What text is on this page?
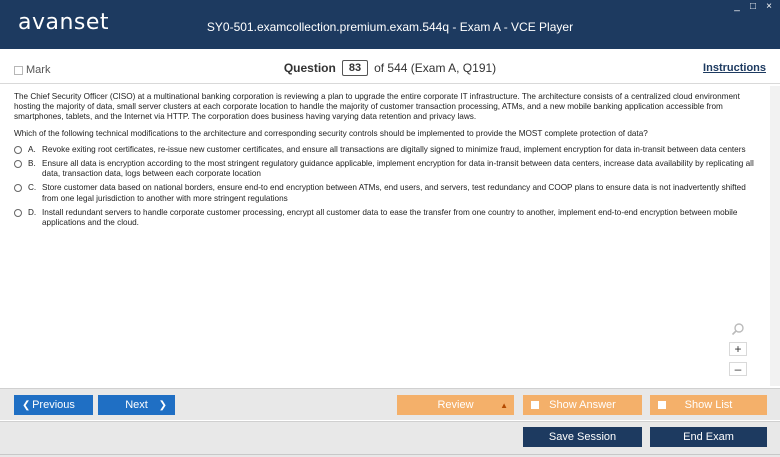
avanset	SY0-501.examcollection.premium.exam.544q - Exam A - VCE Player
_ □ ×
Mark	Question	83	of 544 (Exam A, Q191)	Instructions

The Chief Security Officer (CISO) at a multinational banking corporation is reviewing a plan to upgrade the entire corporate IT infrastructure. The architecture consists of a centralized cloud environment hosting the majority of data, small server clusters at each corporate location to handle the majority of customer transaction processing, ATMs, and a new mobile banking application accessible from smartphones, tablets, and the Internet via HTTP. The corporation does business having varying data retention and privacy laws.

Which of the following technical modifications to the architecture and corresponding security controls should be implemented to provide the MOST complete protection of data?

A. Revoke exiting root certificates, re-issue new customer certificates, and ensure all transactions are digitally signed to minimize fraud, implement encryption for data in-transit between data centers
B. Ensure all data is encryption according to the most stringent regulatory guidance applicable, implement encryption for data in-transit between data centers, increase data availability by replicating all data, transaction data, logs between each corporate location
C. Store customer data based on national borders, ensure end-to end encryption between ATMs, end users, and servers, test redundancy and COOP plans to ensure data is not inadvertently shifted from one legal jurisdiction to another with more stringent regulations
D. Install redundant servers to handle corporate customer processing, encrypt all customer data to ease the transfer from one country to another, implement end-to-end encryption between mobile applications and the cloud.
+
–
❮ Previous	Next ❯	Review	▲	Show Answer	Show List
Save Session	End Exam
